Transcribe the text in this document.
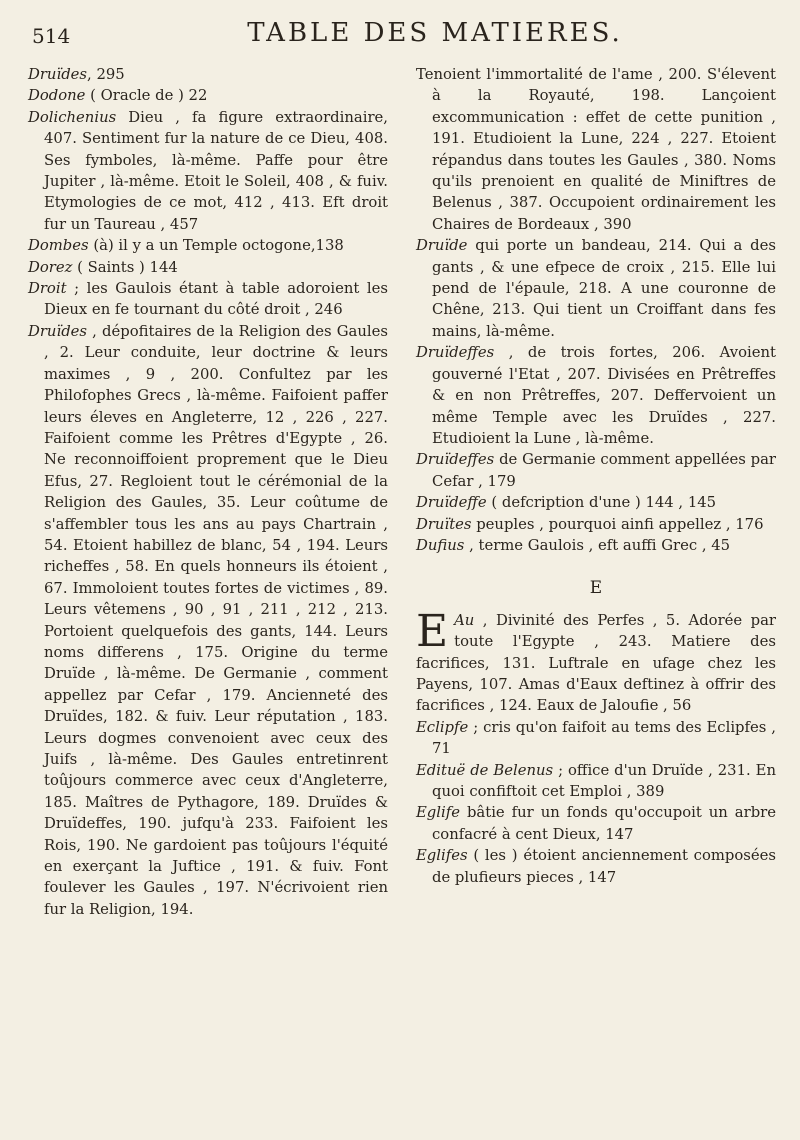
514	TABLE DES MATIERES.

Druïdes, 295

Dodone ( Oracle de ) 22

Dolichenius Dieu , fa figure extraordinaire, 407. Sentiment fur la nature de ce Dieu, 408. Ses fymboles, là-même. Paffe pour être Jupiter , là-même. Etoit le Soleil, 408 , & fuiv. Etymologies de ce mot, 412 , 413. Eft droit fur un Taureau , 457

Dombes (à) il y a un Temple octogone,138

Dorez ( Saints ) 144

Droit ; les Gaulois étant à table adoroient les Dieux en fe tournant du côté droit , 246

Druïdes , dépofitaires de la Religion des Gaules , 2. Leur conduite, leur doctrine & leurs maximes , 9 , 200. Confultez par les Philofophes Grecs , là-même. Faifoient paffer leurs éleves en Angleterre, 12 , 226 , 227. Faifoient comme les Prêtres d'Egypte , 26. Ne reconnoiffoient proprement que le Dieu Efus, 27. Regloient tout le cérémonial de la Religion des Gaules, 35. Leur coûtume de s'affembler tous les ans au pays Chartrain , 54. Etoient habillez de blanc, 54 , 194. Leurs richeffes , 58. En quels honneurs ils étoient , 67. Immoloient toutes fortes de victimes , 89. Leurs vêtemens , 90 , 91 , 211 , 212 , 213. Portoient quelquefois des gants, 144. Leurs noms differens , 175. Origine du terme Druïde , là-même. De Germanie , comment appellez par Cefar , 179. Ancienneté des Druïdes, 182. & fuiv. Leur réputation , 183. Leurs dogmes convenoient avec ceux des Juifs , là-même. Des Gaules entretinrent toûjours commerce avec ceux d'Angleterre, 185. Maîtres de Pythagore, 189. Druïdes & Druïdeffes, 190. jufqu'à 233. Faifoient les Rois, 190. Ne gardoient pas toûjours l'équité en exerçant la Juftice , 191. & fuiv. Font foulever les Gaules , 197. N'écrivoient rien fur la Religion, 194.

Tenoient l'immortalité de l'ame , 200. S'élevent à la Royauté, 198. Lançoient excommunication : effet de cette punition , 191. Etudioient la Lune, 224 , 227. Etoient répandus dans toutes les Gaules , 380. Noms qu'ils prenoient en qualité de Miniftres de Belenus , 387. Occupoient ordinairement les Chaires de Bordeaux , 390

Druïde qui porte un bandeau, 214. Qui a des gants , & une efpece de croix , 215. Elle lui pend de l'épaule, 218. A une couronne de Chêne, 213. Qui tient un Croiffant dans fes mains, là-même.

Druïdeffes , de trois fortes, 206. Avoient gouverné l'Etat , 207. Divisées en Prêtreffes & en non Prêtreffes, 207. Deffervoient un même Temple avec les Druïdes , 227. Etudioient la Lune , là-même.

Druïdeffes de Germanie comment appellées par Cefar , 179

Druïdeffe ( defcription d'une ) 144 , 145

Druïtes peuples , pourquoi ainfi appellez , 176

Dufius , terme Gaulois , eft auffi Grec , 45

E

E Au , Divinité des Perfes , 5. Adorée par toute l'Egypte , 243. Matiere des facrifices, 131. Luftrale en ufage chez les Payens, 107. Amas d'Eaux deftinez à offrir des facrifices , 124. Eaux de Jaloufie , 56

Eclipfe ; cris qu'on faifoit au tems des Eclipfes , 71

Edituë de Belenus ; office d'un Druïde , 231. En quoi confiftoit cet Emploi , 389

Eglife bâtie fur un fonds qu'occupoit un arbre confacré à cent Dieux, 147

Eglifes ( les ) étoient anciennement composées de plufieurs pieces , 147
